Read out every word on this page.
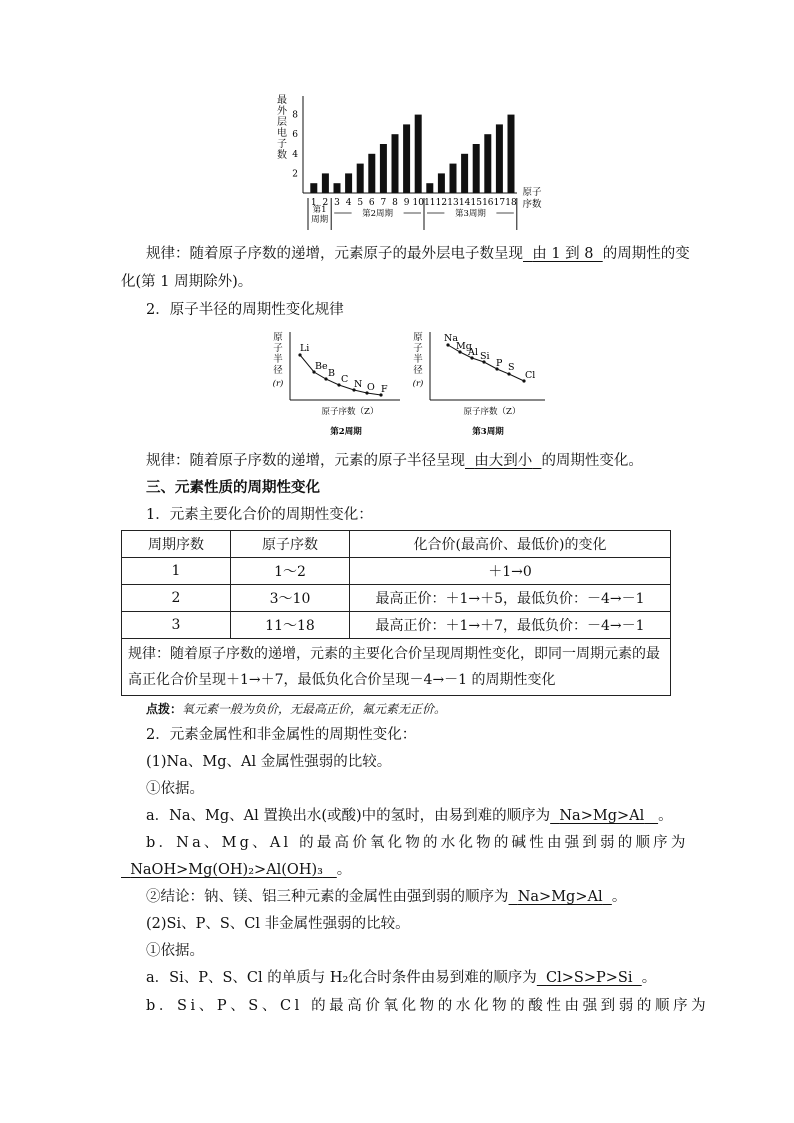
最
外
层
电
子
数
2
4
6
8
1 2 3 4 5 6 7 8 9 10 11 12 13 14 15 16 17 18
原子
序数
第1
周期
第2周期	第3周期
规律：随着原子序数的递增，元素原子的最外层电子数呈现 由 1 到 8 的周期性的变
化(第 1 周期除外)。
2．原子半径的周期性变化规律
原
子
半
径
(r)
Li
Be
B
C N O F
原子序数（Z）
第2周期
原
子
半
径
(r)
Na
Mg
Al Si
P S
Cl
原子序数（Z）
第3周期
规律：随着原子序数的递增，元素的原子半径呈现 由大到小 的周期性变化。
三、元素性质的周期性变化
1．元素主要化合价的周期性变化：
周期序数	原子序数	化合价(最高价、最低价)的变化
1	1～2	＋1→0
2	3～10	最高正价：＋1→＋5，最低负价：－4→－1
3	11～18	最高正价：＋1→＋7，最低负价：－4→－1
规律：随着原子序数的递增，元素的主要化合价呈现周期性变化，即同一周期元素的最高正化合价呈现＋1→＋7，最低负化合价呈现－4→－1 的周期性变化		
点拨：氧元素一般为负价，无最高正价，氟元素无正价。
2．元素金属性和非金属性的周期性变化：
(1)Na、Mg、Al 金属性强弱的比较。
①依据。
a．Na、Mg、Al 置换出水(或酸)中的氢时，由易到难的顺序为 Na>Mg>Al 。
b．Na、Mg、Al 的最高价氧化物的水化物的碱性由强到弱的顺序为
NaOH>Mg(OH)₂>Al(OH)₃ 。
②结论：钠、镁、铝三种元素的金属性由强到弱的顺序为 Na>Mg>Al 。
(2)Si、P、S、Cl 非金属性强弱的比较。
①依据。
a．Si、P、S、Cl 的单质与 H₂化合时条件由易到难的顺序为 Cl>S>P>Si 。
b．Si、P、S、Cl 的最高价氧化物的水化物的酸性由强到弱的顺序为
